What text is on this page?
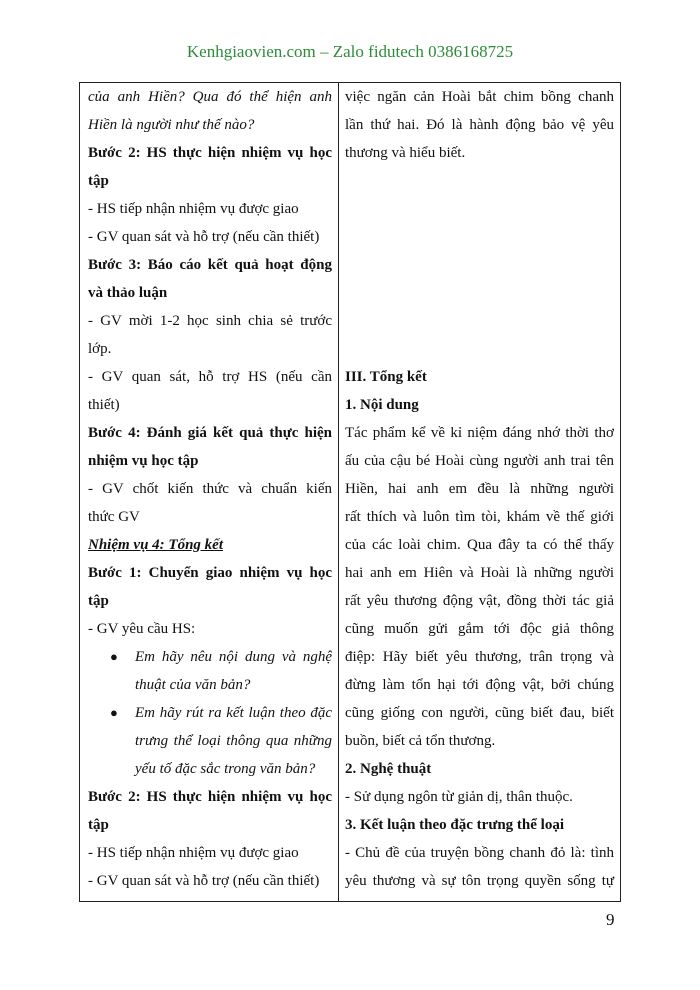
Kenhgiaovien.com – Zalo fidutech 0386168725

của anh Hiền? Qua đó thể hiện anh

Hiền là người như thế nào?

Bước 2: HS thực hiện nhiệm vụ học

tập

- HS tiếp nhận nhiệm vụ được giao

- GV quan sát và hỗ trợ (nếu cần thiết)

Bước 3: Báo cáo kết quả hoạt động

và thảo luận

- GV mời 1-2 học sinh chia sẻ trước

lớp.

- GV quan sát, hỗ trợ HS (nếu cần

thiết)

Bước 4: Đánh giá kết quả thực hiện

nhiệm vụ học tập

- GV chốt kiến thức và chuẩn kiến

thức GV

Nhiệm vụ 4: Tổng kết

Bước 1: Chuyển giao nhiệm vụ học

tập

- GV yêu cầu HS:

● Em hãy nêu nội dung và nghệ
thuật của văn bản?
● Em hãy rút ra kết luận theo đặc
trưng thể loại thông qua những
yếu tố đặc sắc trong văn bản?

Bước 2: HS thực hiện nhiệm vụ học

tập

- HS tiếp nhận nhiệm vụ được giao

- GV quan sát và hỗ trợ (nếu cần thiết)

việc ngăn cản Hoài bắt chim bồng chanh

lần thứ hai. Đó là hành động bảo vệ yêu

thương và hiểu biết.

III. Tổng kết

1. Nội dung

Tác phẩm kể về kỉ niệm đáng nhớ thời thơ

ấu của cậu bé Hoài cùng người anh trai tên

Hiền, hai anh em đều là những người

rất thích và luôn tìm tòi, khám về thế giới

của các loài chim. Qua đây ta có thể thấy

hai anh em Hiên và Hoài là những người

rất yêu thương động vật, đồng thời tác giả

cũng muốn gửi gắm tới độc giả thông

điệp: Hãy biết yêu thương, trân trọng và

đừng làm tổn hại tới động vật, bởi chúng

cũng giống con người, cũng biết đau, biết

buồn, biết cả tổn thương.

2. Nghệ thuật

- Sử dụng ngôn từ giản dị, thân thuộc.

3. Kết luận theo đặc trưng thể loại

- Chủ đề của truyện bồng chanh đỏ là: tình

yêu thương và sự tôn trọng quyền sống tự

9
